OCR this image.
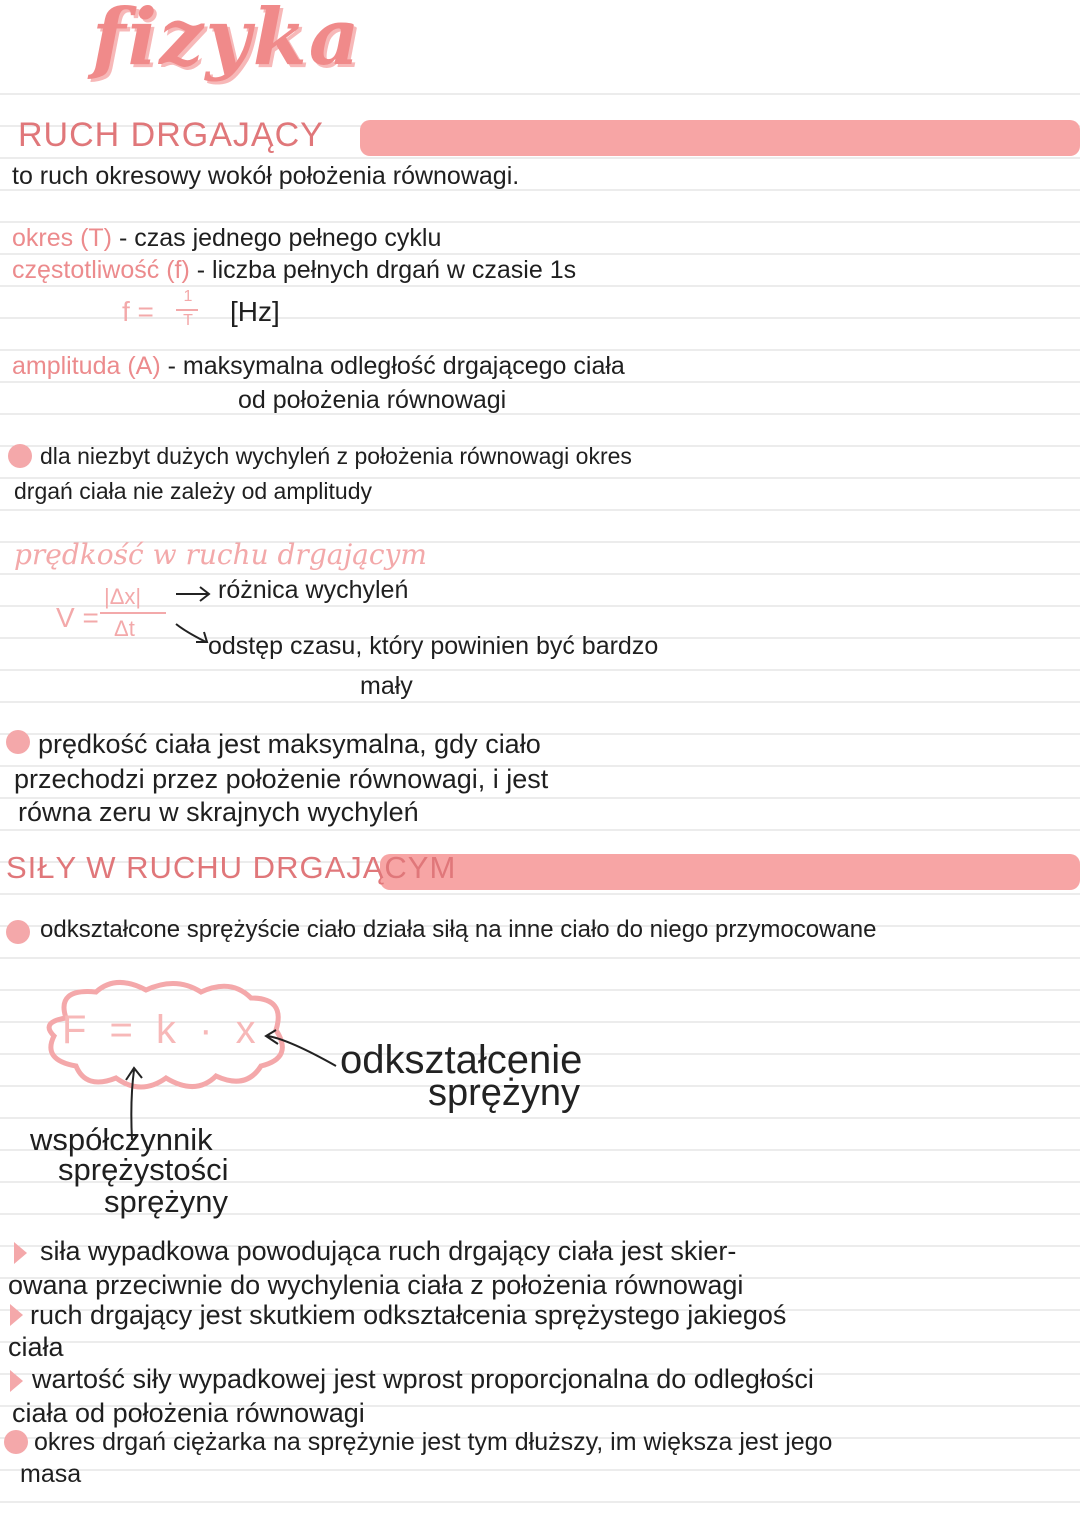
fizyka
RUCH DRGAJĄCY
to ruch okresowy wokół położenia równowagi.
okres (T) - czas jednego pełnego cyklu
częstotliwość (f) - liczba pełnych drgań w czasie 1s
f =	1
T [Hz]
amplituda (A) - maksymalna odległość drgającego ciała
od położenia równowagi
dla niezbyt dużych wychyleń z położenia równowagi okres
drgań ciała nie zależy od amplitudy
prędkość w ruchu drgającym
V =
|Δx|
Δt
różnica wychyleń
odstęp czasu, który powinien być bardzo
mały
prędkość ciała jest maksymalna, gdy ciało
przechodzi przez położenie równowagi, i jest
równa zeru w skrajnych wychyleń
SIŁY W RUCHU DRGAJĄCYM
odkształcone sprężyście ciało działa siłą na inne ciało do niego przymocowane
F = k · x
odkształcenie
sprężyny
współczynnik
sprężystości
sprężyny
siła wypadkowa powodująca ruch drgający ciała jest skier-
owana przeciwnie do wychylenia ciała z położenia równowagi
ruch drgający jest skutkiem odkształcenia sprężystego jakiegoś
ciała
wartość siły wypadkowej jest wprost proporcjonalna do odległości
ciała od położenia równowagi
okres drgań ciężarka na sprężynie jest tym dłuższy, im większa jest jego
masa
